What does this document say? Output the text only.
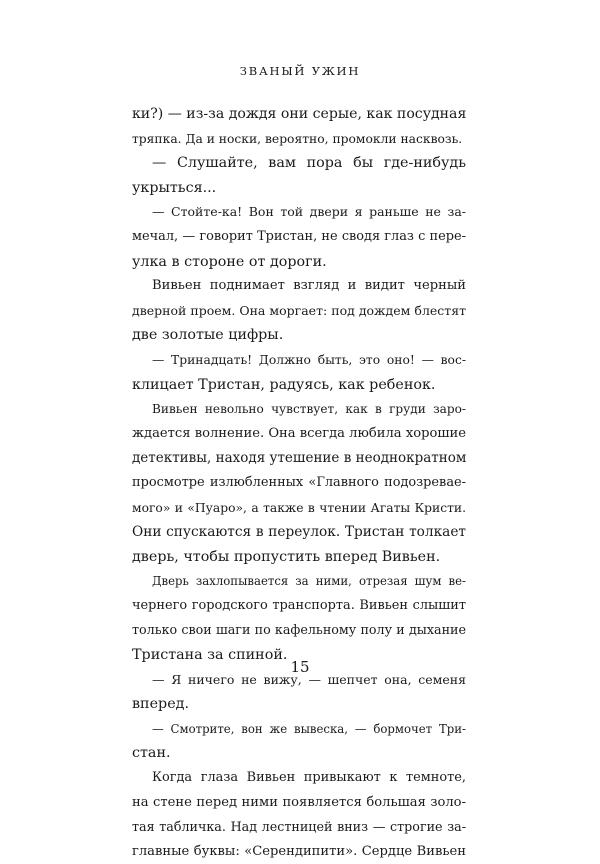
ЗВАНЫЙ УЖИН
ки?) — из-за дождя они серые, как посудная
тряпка. Да и носки, вероятно, промокли насквозь.
— Слушайте, вам пора бы где-нибудь
укрыться...
— Стойте-ка! Вон той двери я раньше не за-
мечал, — говорит Тристан, не сводя глаз с пере-
улка в стороне от дороги.
Вивьен поднимает взгляд и видит черный
дверной проем. Она моргает: под дождем блестят
две золотые цифры.
— Тринадцать! Должно быть, это оно! — вос-
клицает Тристан, радуясь, как ребенок.
Вивьен невольно чувствует, как в груди заро-
ждается волнение. Она всегда любила хорошие
детективы, находя утешение в неоднократном
просмотре излюбленных «Главного подозревае-
мого» и «Пуаро», а также в чтении Агаты Кристи.
Они спускаются в переулок. Тристан толкает
дверь, чтобы пропустить вперед Вивьен.
Дверь захлопывается за ними, отрезая шум ве-
чернего городского транспорта. Вивьен слышит
только свои шаги по кафельному полу и дыхание
Тристана за спиной.
— Я ничего не вижу, — шепчет она, семеня
вперед.
— Смотрите, вон же вывеска, — бормочет Три-
стан.
Когда глаза Вивьен привыкают к темноте,
на стене перед ними появляется большая золо-
тая табличка. Над лестницей вниз — строгие за-
главные буквы: «Серендипити». Сердце Вивьен
15
